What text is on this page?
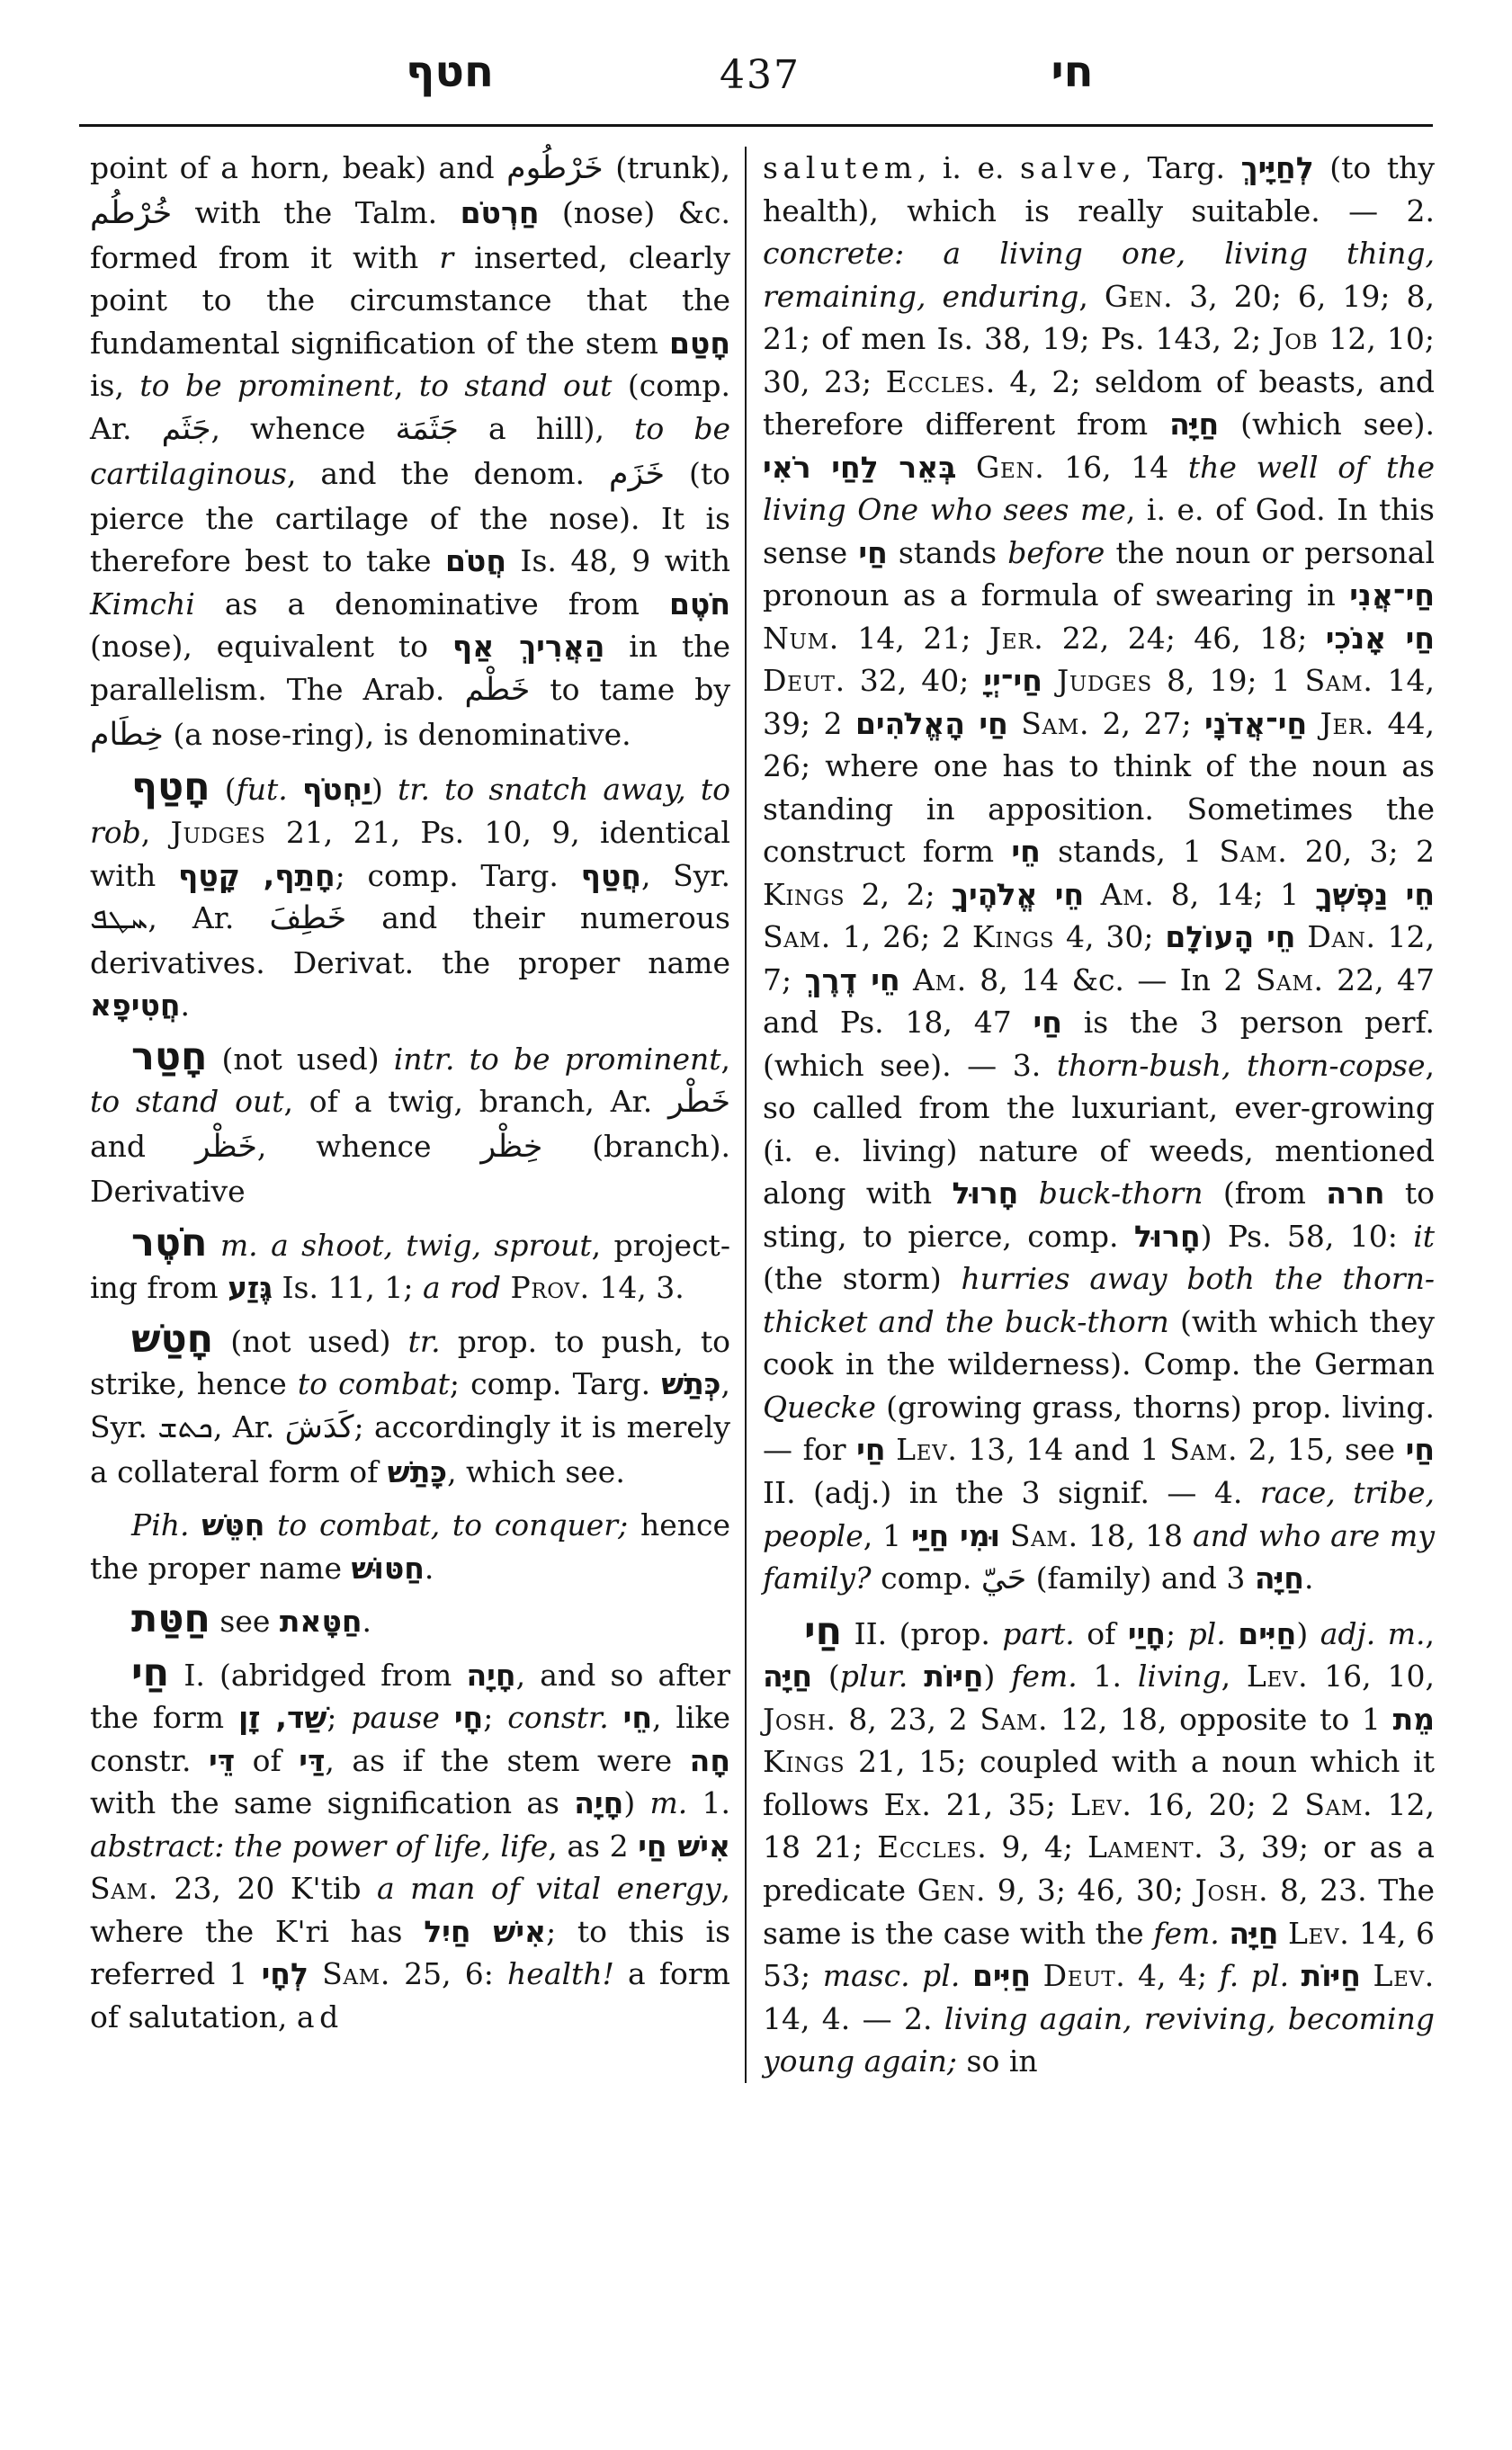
חטף	437	חי

point of a horn, beak) and خَرْطُوم (trunk), خُرْطُم with the Talm. חַרְטֹם (nose) &c. formed from it with r inserted, clearly point to the circumstance that the fundamental signification of the stem חָטַם is, to be prominent, to stand out (comp. Ar. جَثَم, whence جَثَمَة a hill), to be cartilaginous, and the denom. خَزَم (to pierce the cartilage of the nose). It is therefore best to take חֲטֹם Is. 48, 9 with Kimchi as a denominative from חֹטֶם (nose), equivalent to הַאֲרִיךְ אַף in the parallelism. The Arab. خَطْم to tame by خِطَام (a nose-ring), is denominative.

חָטַף (fut. יַחְטֹף) tr. to snatch away, to rob, Judges 21, 21, Ps. 10, 9, identical with חָתַף, קָטַף; comp. Targ. חֲטַף, Syr. ܚܛܦ, Ar. خَطِفَ and their numerous derivatives. Derivat. the proper name חֲטִיפָא.

חָטַר (not used) intr. to be prominent, to stand out, of a twig, branch, Ar. خَطْر and خَظْر, whence خِظْر (branch). Derivative

חֹטֶר m. a shoot, twig, sprout, projecting from גֶּזַע Is. 11, 1; a rod Prov. 14, 3.

חָטַשׁ (not used) tr. prop. to push, to strike, hence to combat; comp. Targ. כְּתַשׁ, Syr. ܟܬܫ, Ar. كَدَشَ; accordingly it is merely a collateral form of כָּתַשׁ, which see.

Pih. חִטֵּשׁ to combat, to conquer; hence the proper name חַטּוּשׁ.

חַטַּת see חַטָּאת.

חַי I. (abridged from חָיָה, and so after the form שַׁד, זָן; pause חָי; constr. חֵי, like constr. דֵּי of דַּי, as if the stem were חָה with the same signification as חָיָה) m. 1. abstract: the power of life, life, as אִישׁ חַי 2 Sam. 23, 20 K'tib a man of vital energy, where the K'ri has אִישׁ חַיִל; to this is referred לְחָי 1 Sam. 25, 6: health! a form of salutation, ad

salutem, i. e. salve, Targ. לְחַיָּיךְ (to thy health), which is really suitable. — 2. concrete: a living one, living thing, remaining, enduring, Gen. 3, 20; 6, 19; 8, 21; of men Is. 38, 19; Ps. 143, 2; Job 12, 10; 30, 23; Eccles. 4, 2; seldom of beasts, and therefore different from חַיָּה (which see). בְּאֵר לַחַי רֹאִי Gen. 16, 14 the well of the living One who sees me, i. e. of God. In this sense חַי stands before the noun or personal pronoun as a formula of swearing in חַי־אֲנִי Num. 14, 21; Jer. 22, 24; 46, 18; חַי אָנֹכִי Deut. 32, 40; חַי־יְיָ Judges 8, 19; 1 Sam. 14, 39; חַי הָאֱלֹהִים 2 Sam. 2, 27; חַי־אֲדֹנָי Jer. 44, 26; where one has to think of the noun as standing in apposition. Sometimes the construct form חֵי stands, 1 Sam. 20, 3; 2 Kings 2, 2; חֵי אֱלֹהֶיךָ Am. 8, 14; חֵי נַפְשְׁךָ 1 Sam. 1, 26; 2 Kings 4, 30; חֵי הָעוֹלָם Dan. 12, 7; חֵי דֶרֶךְ Am. 8, 14 &c. — In 2 Sam. 22, 47 and Ps. 18, 47 חַי is the 3 person perf. (which see). — 3. thorn-bush, thorn-copse, so called from the luxuriant, ever-growing (i. e. living) nature of weeds, mentioned along with חָרוּל buck-thorn (from חרה to sting, to pierce, comp. חָרוּל) Ps. 58, 10: it (the storm) hurries away both the thorn-thicket and the buck-thorn (with which they cook in the wilderness). Comp. the German Quecke (growing grass, thorns) prop. living. — for חַי Lev. 13, 14 and 1 Sam. 2, 15, see חַי II. (adj.) in the 3 signif. — 4. race, tribe, people, וּמִי חַיַּי 1 Sam. 18, 18 and who are my family? comp. حَيّ (family) and חַיָּה 3.

חַי II. (prop. part. of חָיַי; pl. חַיִּים) adj. m., חַיָּה (plur. חַיּוֹת) fem. 1. living, Lev. 16, 10, Josh. 8, 23, 2 Sam. 12, 18, opposite to מֵת 1 Kings 21, 15; coupled with a noun which it follows Ex. 21, 35; Lev. 16, 20; 2 Sam. 12, 18 21; Eccles. 9, 4; Lament. 3, 39; or as a predicate Gen. 9, 3; 46, 30; Josh. 8, 23. The same is the case with the fem. חַיָּה Lev. 14, 6 53; masc. pl. חַיִּים Deut. 4, 4; f. pl. חַיּוֹת Lev. 14, 4. — 2. living again, reviving, becoming young again; so in
